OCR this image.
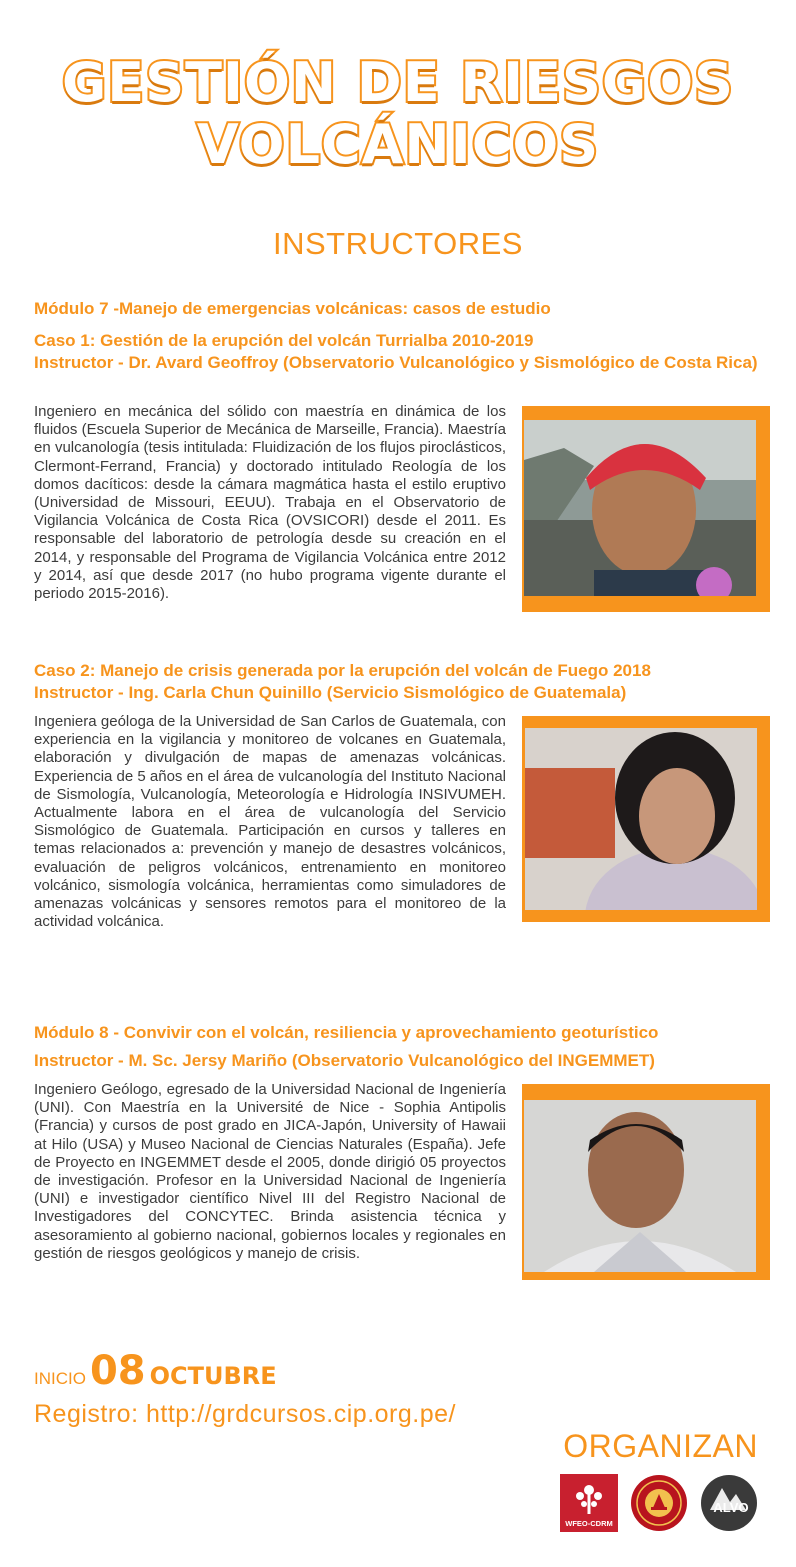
GESTIÓN DE RIESGOS
VOLCÁNICOS
INSTRUCTORES
Módulo 7 -Manejo de emergencias volcánicas: casos de estudio
Caso 1: Gestión de la erupción del volcán Turrialba 2010-2019
Instructor - Dr. Avard Geoffroy (Observatorio Vulcanológico y Sismológico de Costa Rica)
Ingeniero en mecánica del sólido con maestría en dinámica de los fluidos (Escuela Superior de Mecánica de Marseille, Francia). Maestría en vulcanología (tesis intitulada: Fluidización de los flujos piroclásticos, Clermont-Ferrand, Francia) y doctorado intitulado Reología de los domos dacíticos: desde la cámara magmática hasta el estilo eruptivo (Universidad de Missouri, EEUU). Trabaja en el Observatorio de Vigilancia Volcánica de Costa Rica (OVSICORI) desde el 2011. Es responsable del laboratorio de petrología desde su creación en el 2014, y responsable del Programa de Vigilancia Volcánica entre 2012 y 2014, así que desde 2017 (no hubo programa vigente durante el periodo 2015-2016).
Caso 2: Manejo de crisis generada por la erupción del volcán de Fuego 2018
Instructor - Ing. Carla Chun Quinillo (Servicio Sismológico de Guatemala)
Ingeniera geóloga de la Universidad de San Carlos de Guatemala, con experiencia en la vigilancia y monitoreo de volcanes en Guatemala, elaboración y divulgación de mapas de amenazas volcánicas. Experiencia de 5 años en el área de vulcanología del Instituto Nacional de Sismología, Vulcanología, Meteorología e Hidrología INSIVUMEH. Actualmente labora en el área de vulcanología del Servicio Sismológico de Guatemala. Participación en cursos y talleres en temas relacionados a: prevención y manejo de desastres volcánicos, evaluación de peligros volcánicos, entrenamiento en monitoreo volcánico, sismología volcánica, herramientas como simuladores de amenazas volcánicas y sensores remotos para el monitoreo de la actividad volcánica.
Módulo 8 - Convivir con el volcán, resiliencia y aprovechamiento geoturístico
Instructor - M. Sc. Jersy Mariño (Observatorio Vulcanológico del INGEMMET)
Ingeniero Geólogo, egresado de la Universidad Nacional de Ingeniería (UNI). Con Maestría en la Université de Nice - Sophia Antipolis (Francia) y cursos de post grado en JICA-Japón, University of Hawaii at Hilo (USA) y Museo Nacional de Ciencias Naturales (España). Jefe de Proyecto en INGEMMET desde el 2005, donde dirigió 05 proyectos de investigación. Profesor en la Universidad Nacional de Ingeniería (UNI) e investigador científico Nivel III del Registro Nacional de Investigadores del CONCYTEC. Brinda asistencia técnica y asesoramiento al gobierno nacional, gobiernos locales y regionales en gestión de riesgos geológicos y manejo de crisis.
INICIO 08 OCTUBRE
Registro: http://grdcursos.cip.org.pe/
ORGANIZAN
WFEO-CDRM
ALVO
